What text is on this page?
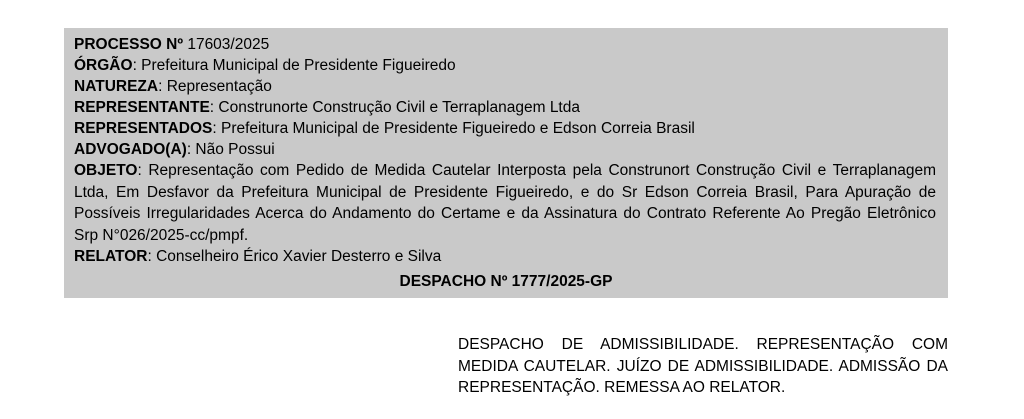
PROCESSO Nº 17603/2025
ÓRGÃO: Prefeitura Municipal de Presidente Figueiredo
NATUREZA: Representação
REPRESENTANTE: Construnorte Construção Civil e Terraplanagem Ltda
REPRESENTADOS: Prefeitura Municipal de Presidente Figueiredo e Edson Correia Brasil
ADVOGADO(A): Não Possui
OBJETO: Representação com Pedido de Medida Cautelar Interposta pela Construnort Construção Civil e Terraplanagem Ltda, Em Desfavor da Prefeitura Municipal de Presidente Figueiredo, e do Sr Edson Correia Brasil, Para Apuração de Possíveis Irregularidades Acerca do Andamento do Certame e da Assinatura do Contrato Referente Ao Pregão Eletrônico Srp N°026/2025-cc/pmpf.
RELATOR: Conselheiro Érico Xavier Desterro e Silva
DESPACHO Nº 1777/2025-GP

DESPACHO DE ADMISSIBILIDADE. REPRESENTAÇÃO COM MEDIDA CAUTELAR. JUÍZO DE ADMISSIBILIDADE. ADMISSÃO DA REPRESENTAÇÃO. REMESSA AO RELATOR.
